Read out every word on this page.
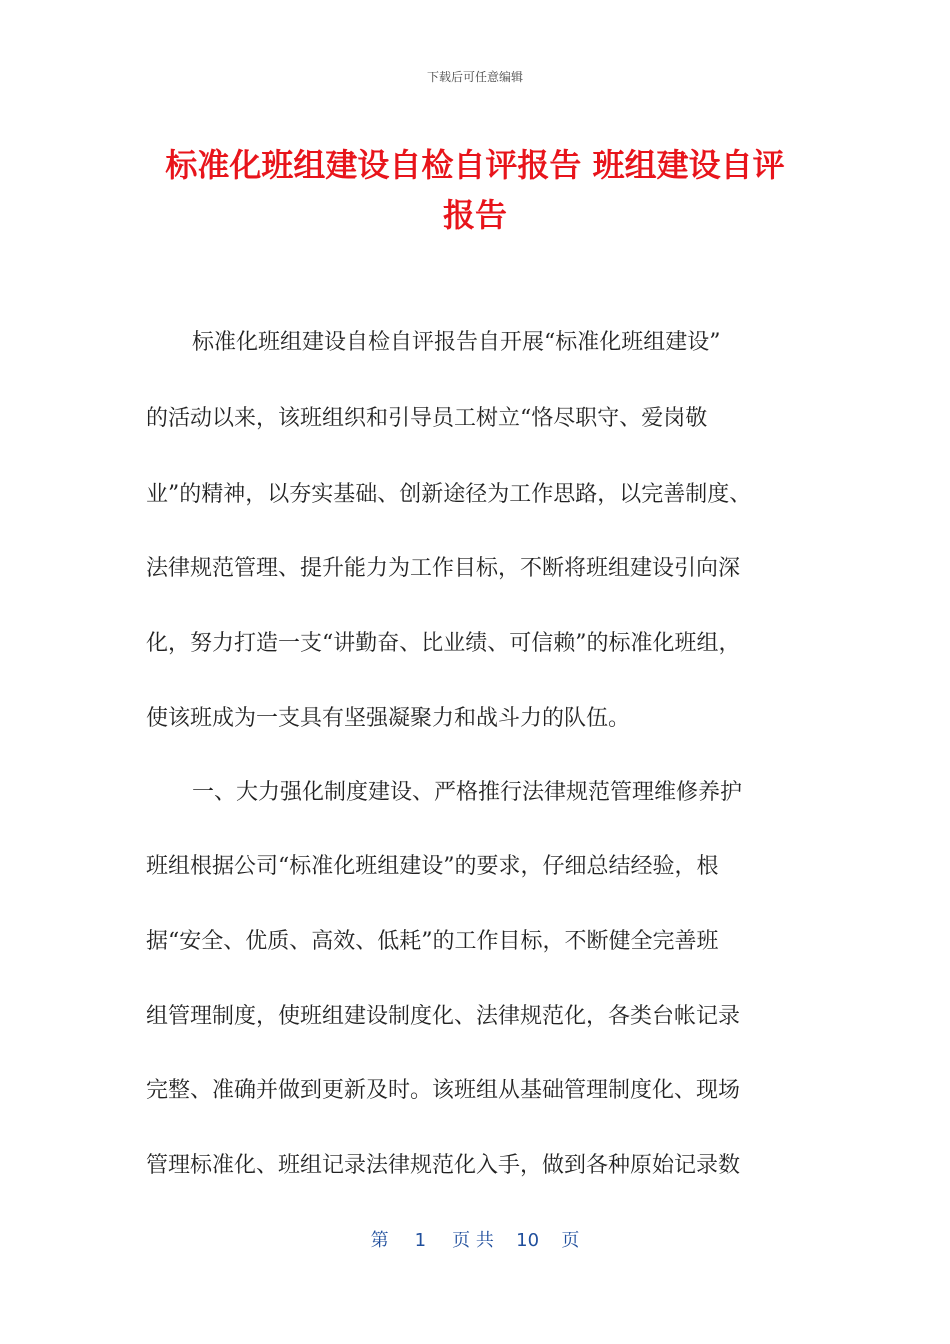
下载后可任意编辑
标准化班组建设自检自评报告 班组建设自评
报告
标准化班组建设自检自评报告自开展“标准化班组建设”
的活动以来，该班组织和引导员工树立“恪尽职守、爱岗敬
业”的精神，以夯实基础、创新途径为工作思路，以完善制度、
法律规范管理、提升能力为工作目标，不断将班组建设引向深
化，努力打造一支“讲勤奋、比业绩、可信赖”的标准化班组，
使该班成为一支具有坚强凝聚力和战斗力的队伍。
一、大力强化制度建设、严格推行法律规范管理维修养护
班组根据公司“标准化班组建设”的要求，仔细总结经验，根
据“安全、优质、高效、低耗”的工作目标，不断健全完善班
组管理制度，使班组建设制度化、法律规范化，各类台帐记录
完整、准确并做到更新及时。该班组从基础管理制度化、现场
管理标准化、班组记录法律规范化入手，做到各种原始记录数
第 1 页 共 10 页
